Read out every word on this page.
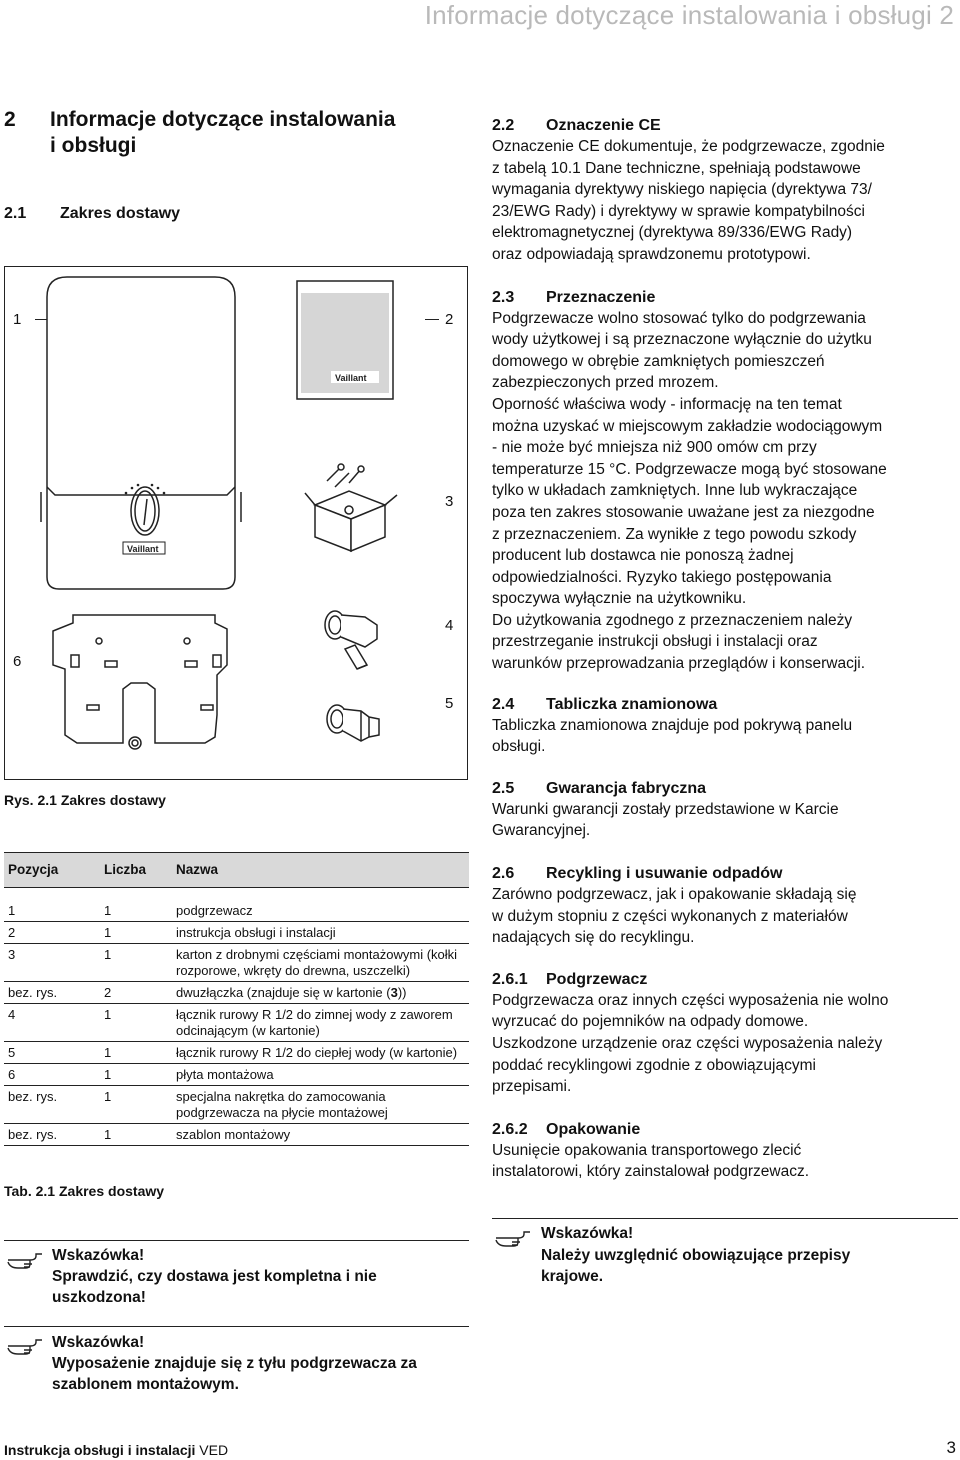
Informacje dotyczące instalowania i obsługi 2
2 Informacje dotyczące instalowania
i obsługi
2.1 Zakres dostawy
Vaillant
Vaillant
1	2
3
4
5
6
Rys. 2.1 Zakres dostawy
Pozycja	Liczba	Nazwa

1	1	podgrzewacz
2	1	instrukcja obsługi i instalacji
3	1	karton z drobnymi częściami montażowymi (kołki rozporowe, wkręty do drewna, uszczelki)
bez. rys.	2	dwuzłączka (znajduje się w kartonie (3))
4	1	łącznik rurowy R 1/2 do zimnej wody z zaworem odcinającym (w kartonie)
5	1	łącznik rurowy R 1/2 do ciepłej wody (w kartonie)
6	1	płyta montażowa
bez. rys.	1	specjalna nakrętka do zamocowania podgrzewacza na płycie montażowej
bez. rys.	1	szablon montażowy
Tab. 2.1 Zakres dostawy
Wskazówka!
Sprawdzić, czy dostawa jest kompletna i nie uszkodzona!
Wskazówka!
Wyposażenie znajduje się z tyłu podgrzewacza za szablonem montażowym.
2.2 Oznaczenie CE
Oznaczenie CE dokumentuje, że podgrzewacze, zgodnie
z tabelą 10.1 Dane techniczne, spełniają podstawowe
wymagania dyrektywy niskiego napięcia (dyrektywa 73/
23/EWG Rady) i dyrektywy w sprawie kompatybilności
elektromagnetycznej (dyrektywa 89/336/EWG Rady)
oraz odpowiadają sprawdzonemu prototypowi.
2.3 Przeznaczenie
Podgrzewacze wolno stosować tylko do podgrzewania
wody użytkowej i są przeznaczone wyłącznie do użytku
domowego w obrębie zamkniętych pomieszczeń
zabezpieczonych przed mrozem.
Oporność właściwa wody - informację na ten temat
można uzyskać w miejscowym zakładzie wodociągowym
- nie może być mniejsza niż 900 omów cm przy
temperaturze 15 °C. Podgrzewacze mogą być stosowane
tylko w układach zamkniętych. Inne lub wykraczające
poza ten zakres stosowanie uważane jest za niezgodne
z przeznaczeniem. Za wynikłe z tego powodu szkody
producent lub dostawca nie ponoszą żadnej
odpowiedzialności. Ryzyko takiego postępowania
spoczywa wyłącznie na użytkowniku.
Do użytkowania zgodnego z przeznaczeniem należy
przestrzeganie instrukcji obsługi i instalacji oraz
warunków przeprowadzania przeglądów i konserwacji.
2.4 Tabliczka znamionowa
Tabliczka znamionowa znajduje pod pokrywą panelu
obsługi.
2.5 Gwarancja fabryczna
Warunki gwarancji zostały przedstawione w Karcie
Gwarancyjnej.
2.6 Recykling i usuwanie odpadów
Zarówno podgrzewacz, jak i opakowanie składają się
w dużym stopniu z części wykonanych z materiałów
nadających się do recyklingu.
2.6.1 Podgrzewacz
Podgrzewacza oraz innych części wyposażenia nie wolno
wyrzucać do pojemników na odpady domowe.
Uszkodzone urządzenie oraz części wyposażenia należy
poddać recyklingowi zgodnie z obowiązującymi
przepisami.
2.6.2 Opakowanie
Usunięcie opakowania transportowego zlecić
instalatorowi, który zainstalował podgrzewacz.
Wskazówka!
Należy uwzględnić obowiązujące przepisy
krajowe.
Instrukcja obsługi i instalacji VED	3
